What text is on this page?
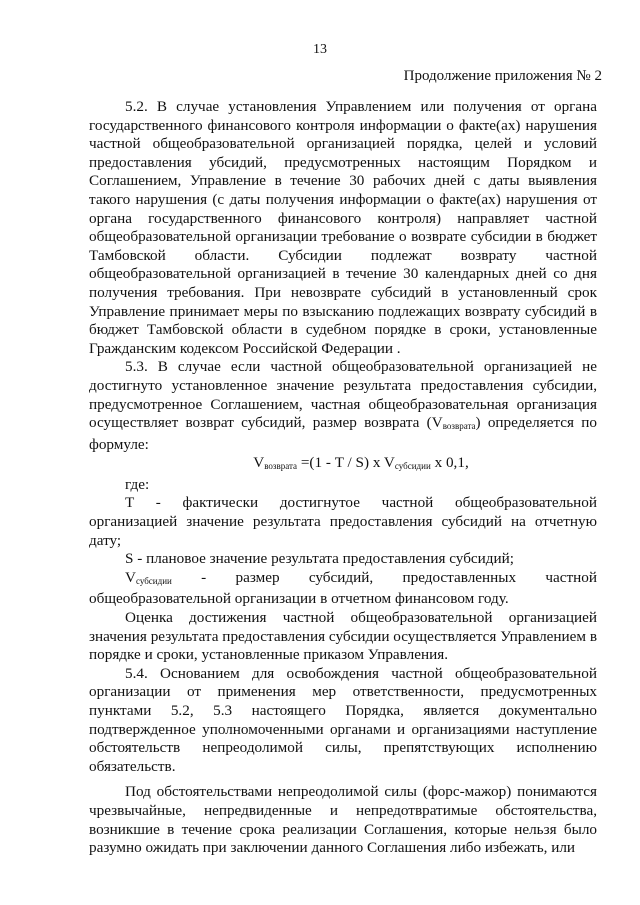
13
Продолжение приложения № 2

5.2. В случае установления Управлением или получения от органа государственного финансового контроля информации о факте(ах) нарушения частной общеобразовательной организацией порядка, целей и условий предоставления убсидий, предусмотренных настоящим Порядком и Соглашением, Управление в течение 30 рабочих дней с даты выявления такого нарушения (с даты получения информации о факте(ах) нарушения от органа государственного финансового контроля) направляет частной общеобразовательной организации требование о возврате субсидии в бюджет Тамбовской области. Субсидии подлежат возврату частной общеобразовательной организацией в течение 30 календарных дней со дня получения требования. При невозврате субсидий в установленный срок Управление принимает меры по взысканию подлежащих возврату субсидий в бюджет Тамбовской области в судебном порядке в сроки, установленные Гражданским кодексом Российской Федерации .

5.3. В случае если частной общеобразовательной организацией не достигнуто установленное значение результата предоставления субсидии, предусмотренное Соглашением, частная общеобразовательная организация осуществляет возврат субсидий, размер возврата $(V_{возврата})$ определяется по формуле:

$V_{возврата} =(1 - T / S)$ x $V_{субсидии}$ x 0,1,

где:

T - фактически достигнутое частной общеобразовательной организацией значение результата предоставления субсидий на отчетную дату;

S - плановое значение результата предоставления субсидий;

$V_{субсидии}$ - размер субсидий, предоставленных частной общеобразовательной организации в отчетном финансовом году.

Оценка достижения частной общеобразовательной организацией значения результата предоставления субсидии осуществляется Управлением в порядке и сроки, установленные приказом Управления.

5.4. Основанием для освобождения частной общеобразовательной организации от применения мер ответственности, предусмотренных пунктами 5.2, 5.3 настоящего Порядка, является документально подтвержденное уполномоченными органами и организациями наступление обстоятельств непреодолимой силы, препятствующих исполнению обязательств.

Под обстоятельствами непреодолимой силы (форс-мажор) понимаются чрезвычайные, непредвиденные и непредотвратимые обстоятельства, возникшие в течение срока реализации Соглашения, которые нельзя было разумно ожидать при заключении данного Соглашения либо избежать, или
